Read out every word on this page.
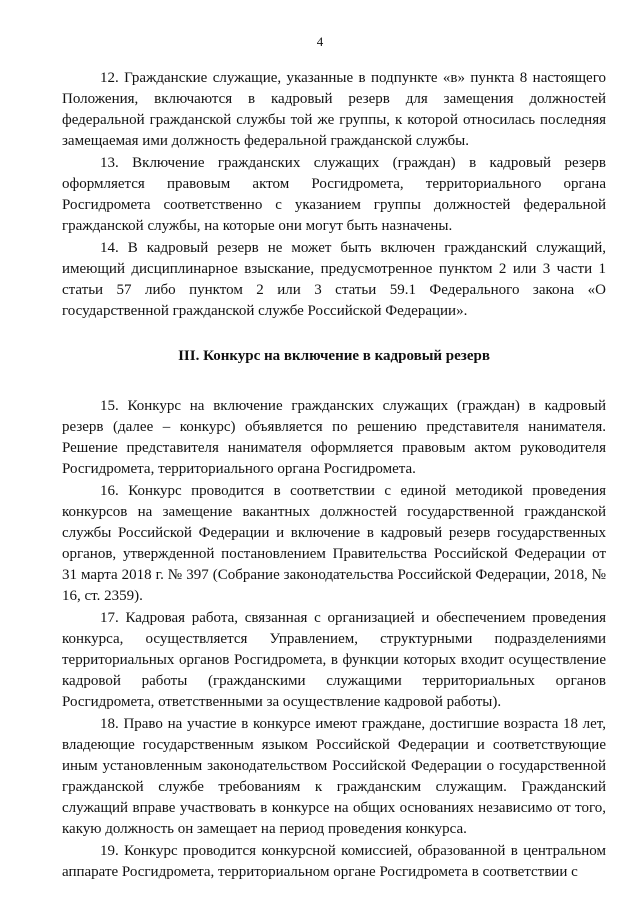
4

12. Гражданские служащие, указанные в подпункте «в» пункта 8 настоящего Положения, включаются в кадровый резерв для замещения должностей федеральной гражданской службы той же группы, к которой относилась последняя замещаемая ими должность федеральной гражданской службы.

13. Включение гражданских служащих (граждан) в кадровый резерв оформляется правовым актом Росгидромета, территориального органа Росгидромета соответственно с указанием группы должностей федеральной гражданской службы, на которые они могут быть назначены.

14. В кадровый резерв не может быть включен гражданский служащий, имеющий дисциплинарное взыскание, предусмотренное пунктом 2 или 3 части 1 статьи 57 либо пунктом 2 или 3 статьи 59.1 Федерального закона «О государственной гражданской службе Российской Федерации».

III. Конкурс на включение в кадровый резерв

15. Конкурс на включение гражданских служащих (граждан) в кадровый резерв (далее – конкурс) объявляется по решению представителя нанимателя. Решение представителя нанимателя оформляется правовым актом руководителя Росгидромета, территориального органа Росгидромета.

16. Конкурс проводится в соответствии с единой методикой проведения конкурсов на замещение вакантных должностей государственной гражданской службы Российской Федерации и включение в кадровый резерв государственных органов, утвержденной постановлением Правительства Российской Федерации от 31 марта 2018 г. № 397 (Собрание законодательства Российской Федерации, 2018, № 16, ст. 2359).

17. Кадровая работа, связанная с организацией и обеспечением проведения конкурса, осуществляется Управлением, структурными подразделениями территориальных органов Росгидромета, в функции которых входит осуществление кадровой работы (гражданскими служащими территориальных органов Росгидромета, ответственными за осуществление кадровой работы).

18. Право на участие в конкурсе имеют граждане, достигшие возраста 18 лет, владеющие государственным языком Российской Федерации и соответствующие иным установленным законодательством Российской Федерации о государственной гражданской службе требованиям к гражданским служащим. Гражданский служащий вправе участвовать в конкурсе на общих основаниях независимо от того, какую должность он замещает на период проведения конкурса.

19. Конкурс проводится конкурсной комиссией, образованной в центральном аппарате Росгидромета, территориальном органе Росгидромета в соответствии с
